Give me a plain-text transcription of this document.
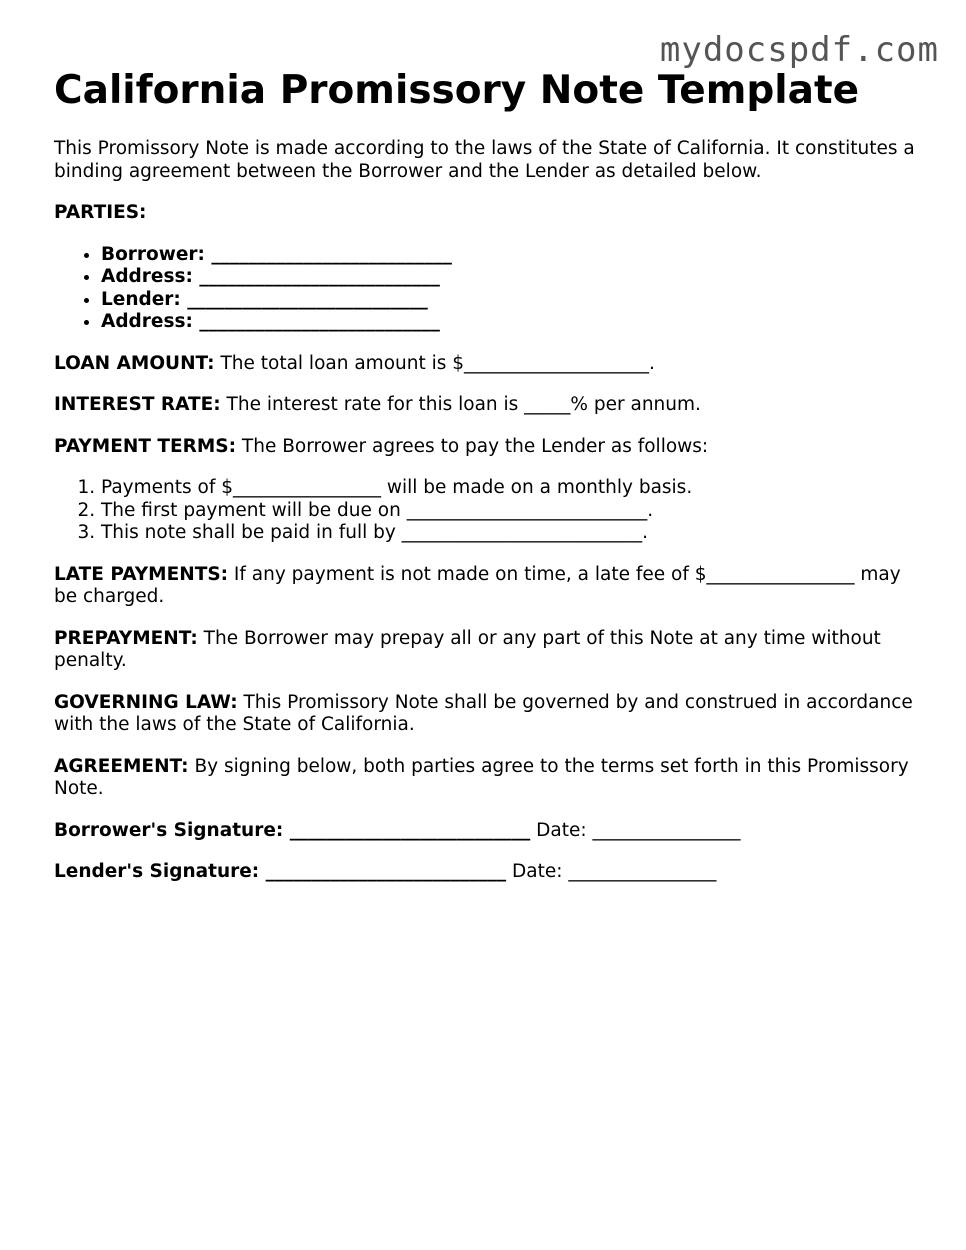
mydocspdf.com
California Promissory Note Template

This Promissory Note is made according to the laws of the State of California. It constitutes a binding agreement between the Borrower and the Lender as detailed below.

PARTIES:

• Borrower: __________________________
• Address: __________________________
• Lender: __________________________
• Address: __________________________

LOAN AMOUNT: The total loan amount is $____________________.

INTEREST RATE: The interest rate for this loan is _____% per annum.

PAYMENT TERMS: The Borrower agrees to pay the Lender as follows:

1. Payments of $________________ will be made on a monthly basis.
2. The first payment will be due on __________________________.
3. This note shall be paid in full by __________________________.

LATE PAYMENTS: If any payment is not made on time, a late fee of $________________ may be charged.

PREPAYMENT: The Borrower may prepay all or any part of this Note at any time without penalty.

GOVERNING LAW: This Promissory Note shall be governed by and construed in accordance with the laws of the State of California.

AGREEMENT: By signing below, both parties agree to the terms set forth in this Promissory Note.

Borrower's Signature: __________________________ Date: ________________

Lender's Signature: __________________________ Date: ________________
